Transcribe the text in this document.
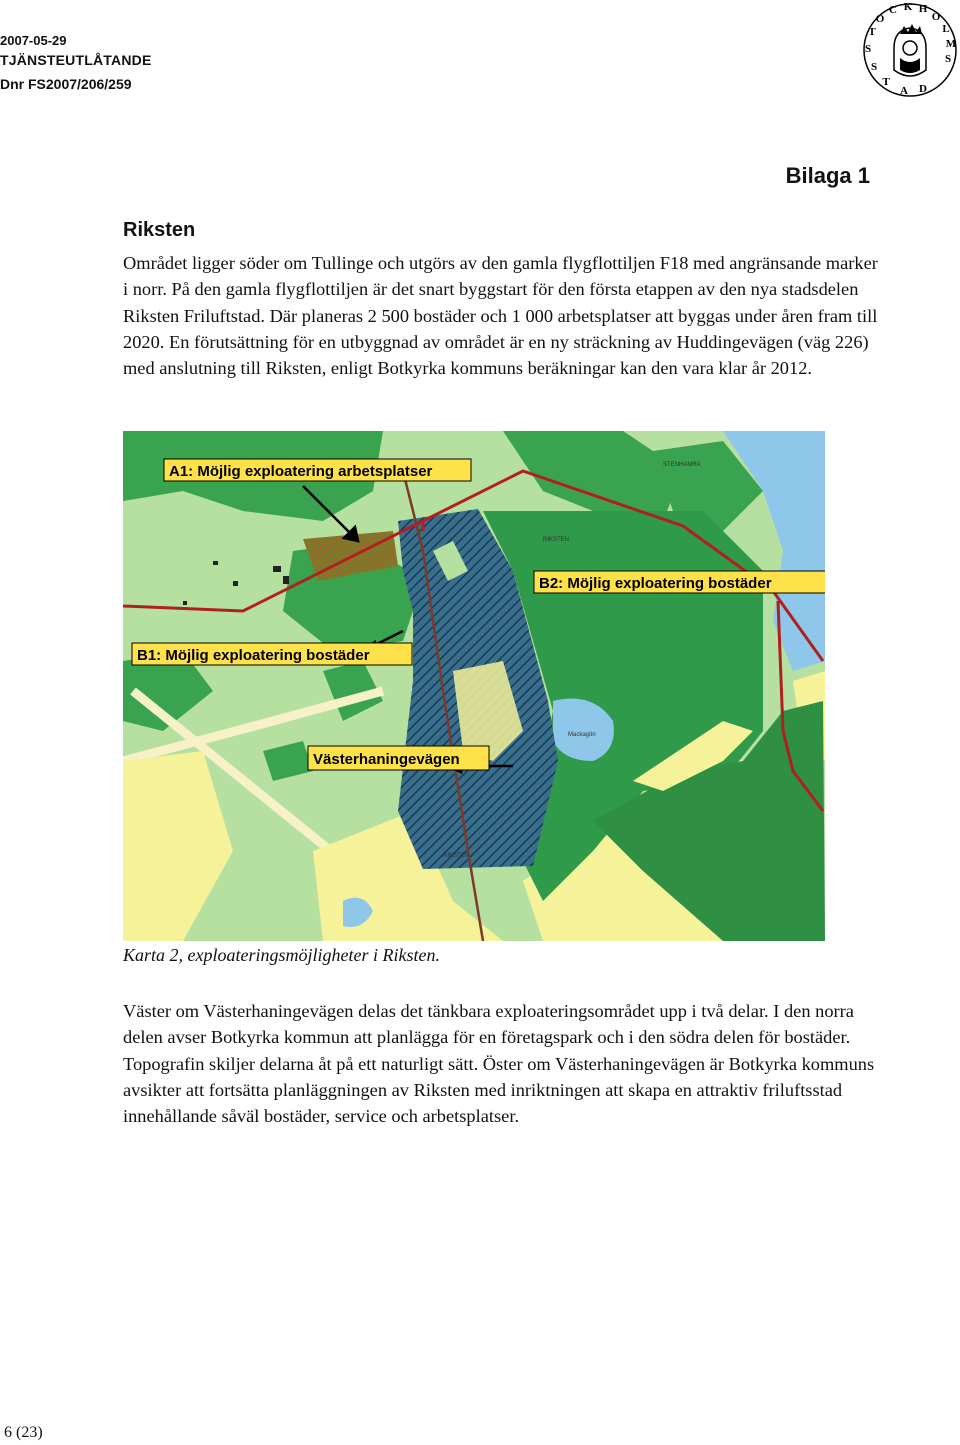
2007-05-29
TJÄNSTEUTLÅTANDE
Dnr FS2007/206/259
S
T
O
C K H
O
L
M
S
S
T
A D
Bilaga 1
Riksten

Området ligger söder om Tullinge och utgörs av den gamla flygflottiljen F18 med angränsande marker i norr. På den gamla flygflottiljen är det snart byggstart för den första etappen av den nya stadsdelen Riksten Friluftstad. Där planeras 2 500 bostäder och 1 000 arbetsplatser att byggas under åren fram till 2020. En förutsättning för en utbyggnad av området är en ny sträckning av Huddingevägen (väg 226) med anslutning till Riksten, enligt Botkyrka kommuns beräkningar kan den vara klar år 2012.

RIKSTEN
RIKSTEN
STENHAMRA
Mackagön
A1: Möjlig exploatering arbetsplatser
B2: Möjlig exploatering bostäder
B1: Möjlig exploatering bostäder
Västerhaningevägen
Karta 2, exploateringsmöjligheter i Riksten.

Väster om Västerhaningevägen delas det tänkbara exploateringsområdet upp i två delar. I den norra delen avser Botkyrka kommun att planlägga för en företagspark och i den södra delen för bostäder. Topografin skiljer delarna åt på ett naturligt sätt. Öster om Västerhaningevägen är Botkyrka kommuns avsikter att fortsätta planläggningen av Riksten med inriktningen att skapa en attraktiv friluftsstad innehållande såväl bostäder, service och arbetsplatser.

6 (23)
